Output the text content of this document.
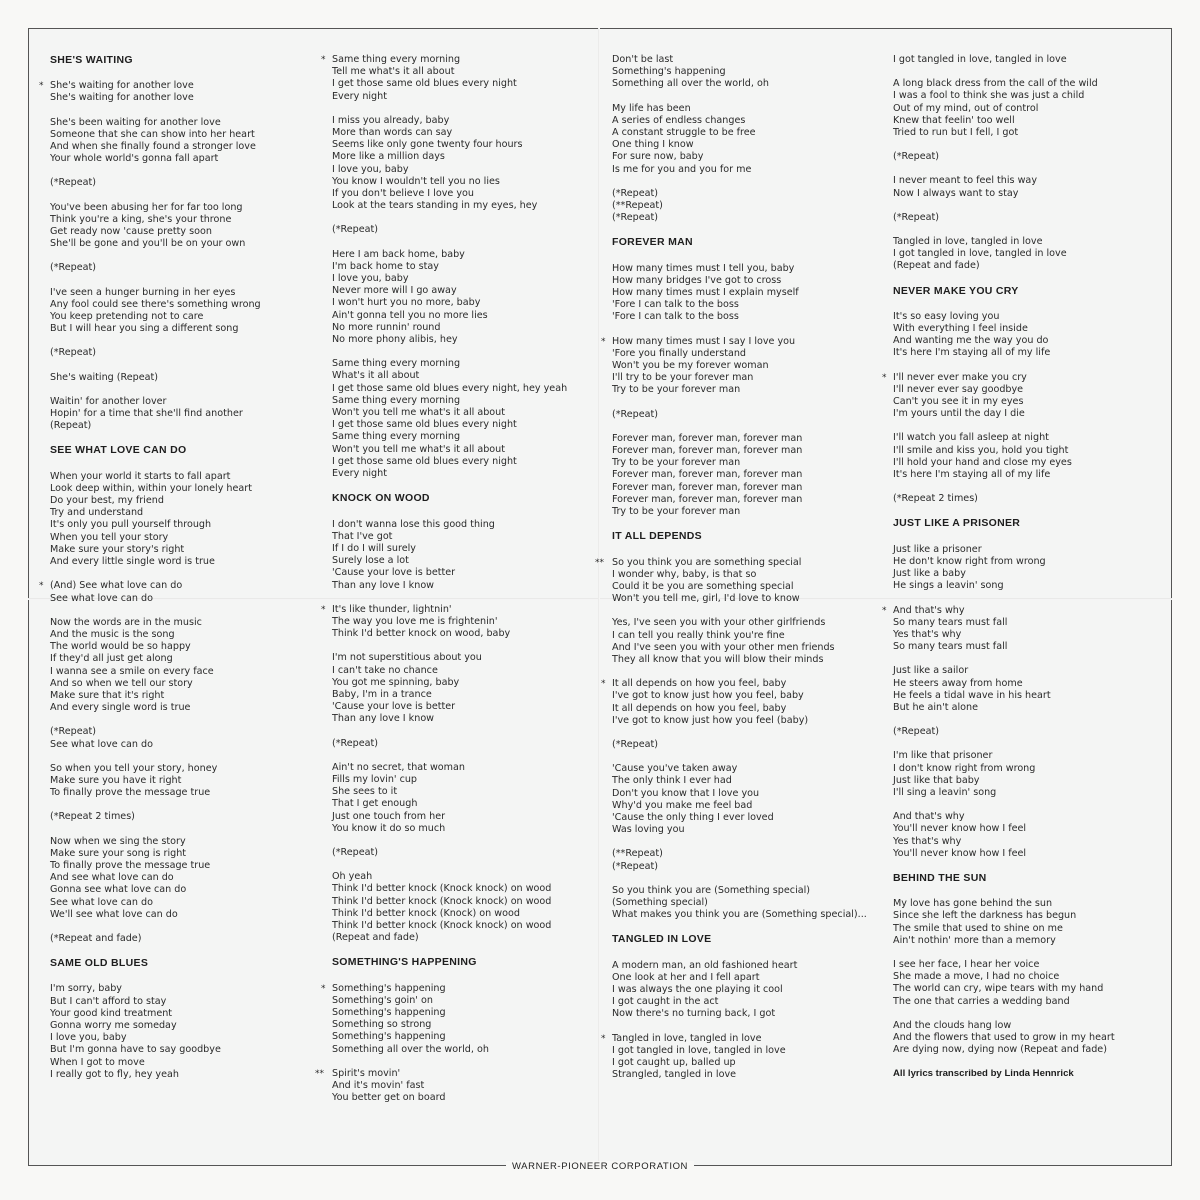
SHE'S WAITING
* She's waiting for another love
She's waiting for another love
She's been waiting for another love
Someone that she can show into her heart
And when she finally found a stronger love
Your whole world's gonna fall apart
(*Repeat)
You've been abusing her for far too long
Think you're a king, she's your throne
Get ready now 'cause pretty soon
She'll be gone and you'll be on your own
(*Repeat)
I've seen a hunger burning in her eyes
Any fool could see there's something wrong
You keep pretending not to care
But I will hear you sing a different song
(*Repeat)
She's waiting (Repeat)
Waitin' for another lover
Hopin' for a time that she'll find another
(Repeat)
SEE WHAT LOVE CAN DO
When your world it starts to fall apart
Look deep within, within your lonely heart
Do your best, my friend
Try and understand
It's only you pull yourself through
When you tell your story
Make sure your story's right
And every little single word is true
* (And) See what love can do
See what love can do
Now the words are in the music
And the music is the song
The world would be so happy
If they'd all just get along
I wanna see a smile on every face
And so when we tell our story
Make sure that it's right
And every single word is true
(*Repeat)
See what love can do
So when you tell your story, honey
Make sure you have it right
To finally prove the message true
(*Repeat 2 times)
Now when we sing the story
Make sure your song is right
To finally prove the message true
And see what love can do
Gonna see what love can do
See what love can do
We'll see what love can do
(*Repeat and fade)
SAME OLD BLUES
I'm sorry, baby
But I can't afford to stay
Your good kind treatment
Gonna worry me someday
I love you, baby
But I'm gonna have to say goodbye
When I got to move
I really got to fly, hey yeah
* Same thing every morning
Tell me what's it all about
I get those same old blues every night
Every night
I miss you already, baby
More than words can say
Seems like only gone twenty four hours
More like a million days
I love you, baby
You know I wouldn't tell you no lies
If you don't believe I love you
Look at the tears standing in my eyes, hey
(*Repeat)
Here I am back home, baby
I'm back home to stay
I love you, baby
Never more will I go away
I won't hurt you no more, baby
Ain't gonna tell you no more lies
No more runnin' round
No more phony alibis, hey
Same thing every morning
What's it all about
I get those same old blues every night, hey yeah
Same thing every morning
Won't you tell me what's it all about
I get those same old blues every night
Same thing every morning
Won't you tell me what's it all about
I get those same old blues every night
Every night
KNOCK ON WOOD
I don't wanna lose this good thing
That I've got
If I do I will surely
Surely lose a lot
'Cause your love is better
Than any love I know
* It's like thunder, lightnin'
The way you love me is frightenin'
Think I'd better knock on wood, baby
I'm not superstitious about you
I can't take no chance
You got me spinning, baby
Baby, I'm in a trance
'Cause your love is better
Than any love I know
(*Repeat)
Ain't no secret, that woman
Fills my lovin' cup
She sees to it
That I get enough
Just one touch from her
You know it do so much
(*Repeat)
Oh yeah
Think I'd better knock (Knock knock) on wood
Think I'd better knock (Knock knock) on wood
Think I'd better knock (Knock) on wood
Think I'd better knock (Knock knock) on wood
(Repeat and fade)
SOMETHING'S HAPPENING
* Something's happening
Something's goin' on
Something's happening
Something so strong
Something's happening
Something all over the world, oh
** Spirit's movin'
And it's movin' fast
You better get on board
Don't be last
Something's happening
Something all over the world, oh
My life has been
A series of endless changes
A constant struggle to be free
One thing I know
For sure now, baby
Is me for you and you for me
(*Repeat)
(**Repeat)
(*Repeat)
FOREVER MAN
How many times must I tell you, baby
How many bridges I've got to cross
How many times must I explain myself
'Fore I can talk to the boss
'Fore I can talk to the boss
* How many times must I say I love you
'Fore you finally understand
Won't you be my forever woman
I'll try to be your forever man
Try to be your forever man
(*Repeat)
Forever man, forever man, forever man
Forever man, forever man, forever man
Try to be your forever man
Forever man, forever man, forever man
Forever man, forever man, forever man
Forever man, forever man, forever man
Try to be your forever man
IT ALL DEPENDS
** So you think you are something special
I wonder why, baby, is that so
Could it be you are something special
Won't you tell me, girl, I'd love to know
Yes, I've seen you with your other girlfriends
I can tell you really think you're fine
And I've seen you with your other men friends
They all know that you will blow their minds
* It all depends on how you feel, baby
I've got to know just how you feel, baby
It all depends on how you feel, baby
I've got to know just how you feel (baby)
(*Repeat)
'Cause you've taken away
The only think I ever had
Don't you know that I love you
Why'd you make me feel bad
'Cause the only thing I ever loved
Was loving you
(**Repeat)
(*Repeat)
So you think you are (Something special)
(Something special)
What makes you think you are (Something special)...
TANGLED IN LOVE
A modern man, an old fashioned heart
One look at her and I fell apart
I was always the one playing it cool
I got caught in the act
Now there's no turning back, I got
* Tangled in love, tangled in love
I got tangled in love, tangled in love
I got caught up, balled up
Strangled, tangled in love
I got tangled in love, tangled in love
A long black dress from the call of the wild
I was a fool to think she was just a child
Out of my mind, out of control
Knew that feelin' too well
Tried to run but I fell, I got
(*Repeat)
I never meant to feel this way
Now I always want to stay
(*Repeat)
Tangled in love, tangled in love
I got tangled in love, tangled in love
(Repeat and fade)
NEVER MAKE YOU CRY
It's so easy loving you
With everything I feel inside
And wanting me the way you do
It's here I'm staying all of my life
* I'll never ever make you cry
I'll never ever say goodbye
Can't you see it in my eyes
I'm yours until the day I die
I'll watch you fall asleep at night
I'll smile and kiss you, hold you tight
I'll hold your hand and close my eyes
It's here I'm staying all of my life
(*Repeat 2 times)
JUST LIKE A PRISONER
Just like a prisoner
He don't know right from wrong
Just like a baby
He sings a leavin' song
* And that's why
So many tears must fall
Yes that's why
So many tears must fall
Just like a sailor
He steers away from home
He feels a tidal wave in his heart
But he ain't alone
(*Repeat)
I'm like that prisoner
I don't know right from wrong
Just like that baby
I'll sing a leavin' song
And that's why
You'll never know how I feel
Yes that's why
You'll never know how I feel
BEHIND THE SUN
My love has gone behind the sun
Since she left the darkness has begun
The smile that used to shine on me
Ain't nothin' more than a memory
I see her face, I hear her voice
She made a move, I had no choice
The world can cry, wipe tears with my hand
The one that carries a wedding band
And the clouds hang low
And the flowers that used to grow in my heart
Are dying now, dying now (Repeat and fade)
All lyrics transcribed by Linda Hennrick
WARNER-PIONEER CORPORATION
